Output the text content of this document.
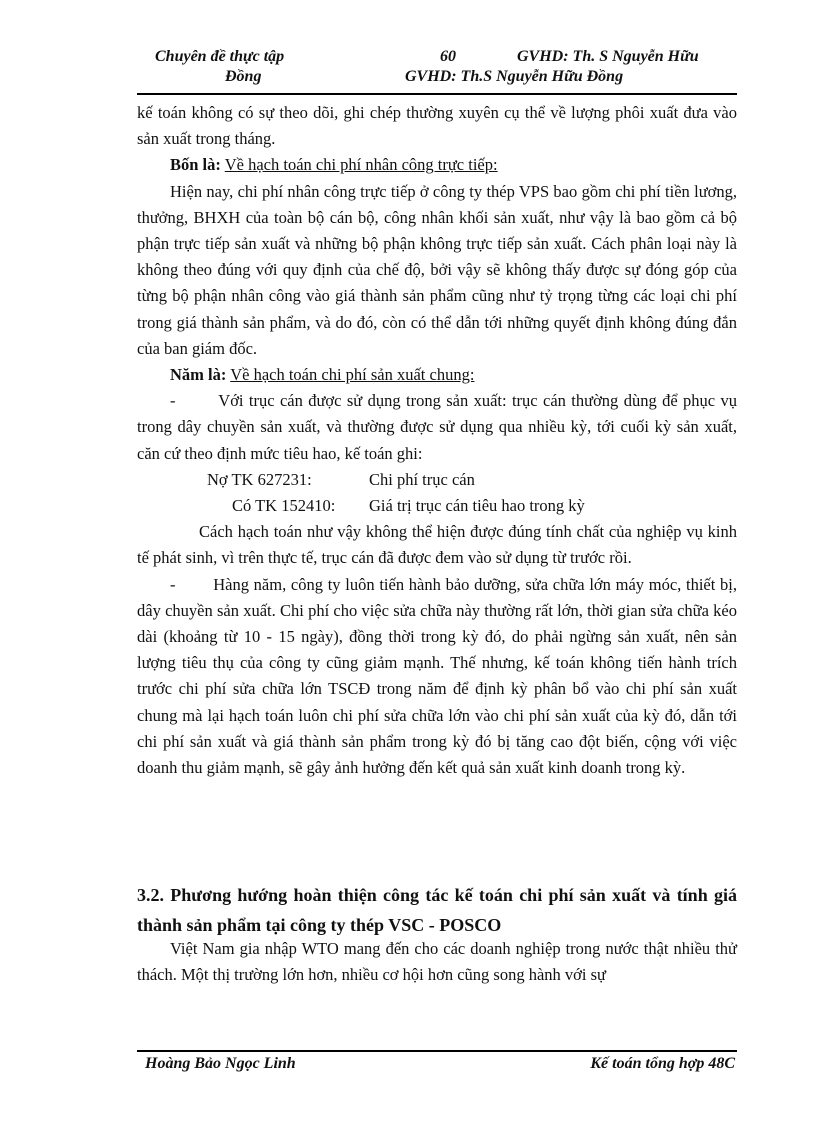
Chuyên đề thực tập	60	GVHD: Th. S Nguyễn Hữu
Đồng	GVHD: Th.S Nguyễn Hữu Đồng

kế toán không có sự theo dõi, ghi chép thường xuyên cụ thể về lượng phôi xuất đưa vào sản xuất trong tháng.

Bốn là: Về hạch toán chi phí nhân công trực tiếp:

Hiện nay, chi phí nhân công trực tiếp ở công ty thép VPS bao gồm chi phí tiền lương, thưởng, BHXH của toàn bộ cán bộ, công nhân khối sản xuất, như vậy là bao gồm cả bộ phận trực tiếp sản xuất và những bộ phận không trực tiếp sản xuất. Cách phân loại này là không theo đúng với quy định của chế độ, bởi vậy sẽ không thấy được sự đóng góp của từng bộ phận nhân công vào giá thành sản phẩm cũng như tỷ trọng từng các loại chi phí trong giá thành sản phẩm, và do đó, còn có thể dẫn tới những quyết định không đúng đắn của ban giám đốc.

Năm là: Về hạch toán chi phí sản xuất chung:

-        Với trục cán được sử dụng trong sản xuất: trục cán thường dùng để phục vụ trong dây chuyền sản xuất, và thường được sử dụng qua nhiều kỳ, tới cuối kỳ sản xuất, căn cứ theo định mức tiêu hao, kế toán ghi:

Nợ TK 627231:	Chi phí trục cán
Có TK 152410: Giá trị trục cán tiêu hao trong kỳ

Cách hạch toán như vậy không thể hiện được đúng tính chất của nghiệp vụ kinh tế phát sinh, vì trên thực tế, trục cán đã được đem vào sử dụng từ trước rồi.

-        Hàng năm, công ty luôn tiến hành bảo dưỡng, sửa chữa lớn máy móc, thiết bị, dây chuyền sản xuất. Chi phí cho việc sửa chữa này thường rất lớn, thời gian sửa chữa kéo dài (khoảng từ 10 - 15 ngày), đồng thời trong kỳ đó, do phải ngừng sản xuất, nên sản lượng tiêu thụ của công ty cũng giảm mạnh. Thế nhưng, kế toán không tiến hành trích trước chi phí sửa chữa lớn TSCĐ trong năm để định kỳ phân bổ vào chi phí sản xuất chung mà lại hạch toán luôn chi phí sửa chữa lớn vào chi phí sản xuất của kỳ đó, dẫn tới chi phí sản xuất và giá thành sản phẩm trong kỳ đó bị tăng cao đột biến, cộng với việc doanh thu giảm mạnh, sẽ gây ảnh hưởng đến kết quả sản xuất kinh doanh trong kỳ.

3.2. Phương hướng hoàn thiện công tác kế toán chi phí sản xuất và tính giá thành sản phẩm tại công ty thép VSC - POSCO

Việt Nam gia nhập WTO mang đến cho các doanh nghiệp trong nước thật nhiều thử thách. Một thị trường lớn hơn, nhiều cơ hội hơn cũng song hành với sự

Hoàng Bảo Ngọc Linh	Kế toán tổng hợp 48C
